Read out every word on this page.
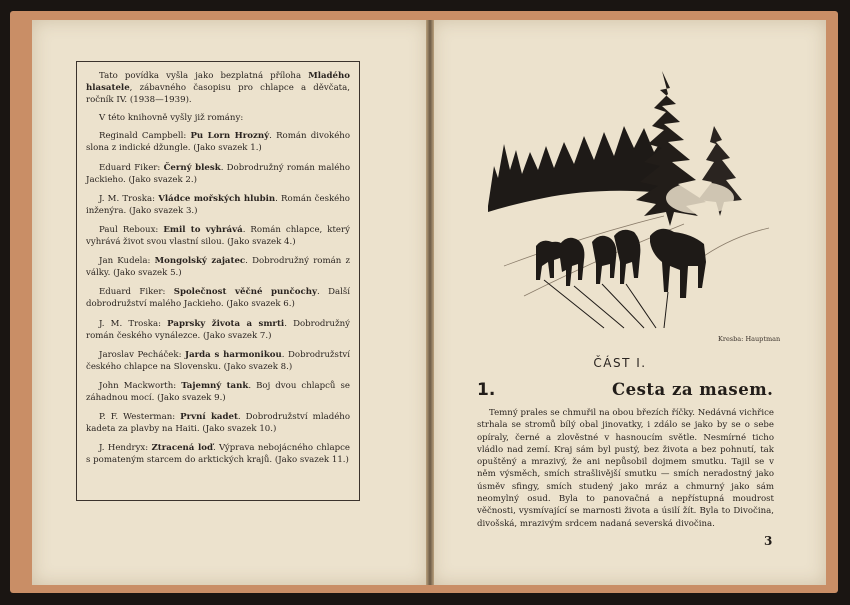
Tato povídka vyšla jako bezplatná příloha Mladého hlasatele, zábavného časopisu pro chlapce a děvčata, ročník IV. (1938—1939).

V této knihovně vyšly již romány:

Reginald Campbell: Pu Lorn Hrozný. Román divokého slona z indické džungle. (Jako svazek 1.)

Eduard Fiker: Černý blesk. Dobrodružný román malého Jackieho. (Jako svazek 2.)

J. M. Troska: Vládce mořských hlubin. Román českého inženýra. (Jako svazek 3.)

Paul Reboux: Emil to vyhrává. Román chlapce, který vyhrává život svou vlastní silou. (Jako svazek 4.)

Jan Kudela: Mongolský zajatec. Dobrodružný román z války. (Jako svazek 5.)

Eduard Fiker: Společnost věčné punčochy. Další dobrodružství malého Jackieho. (Jako svazek 6.)

J. M. Troska: Paprsky života a smrti. Dobrodružný román českého vynálezce. (Jako svazek 7.)

Jaroslav Pecháček: Jarda s harmonikou. Dobrodružství českého chlapce na Slovensku. (Jako svazek 8.)

John Mackworth: Tajemný tank. Boj dvou chlapců se záhadnou mocí. (Jako svazek 9.)

P. F. Westerman: První kadet. Dobrodružství mladého kadeta za plavby na Haiti. (Jako svazek 10.)

J. Hendryx: Ztracená loď. Výprava nebojácného chlapce s pomateným starcem do arktických krajů. (Jako svazek 11.)

Kresba: Hauptman
ČÁST I.
1.	Cesta za masem.

Temný prales se chmuřil na obou březích říčky. Nedávná vichřice strhala se stromů bílý obal jinovatky, i zdálo se jako by se o sebe opíraly, černé a zlověstné v hasnoucím světle. Nesmírné ticho vládlo nad zemí. Kraj sám byl pustý, bez života a bez pohnutí, tak opuštěný a mrazivý, že ani nepůsobil dojmem smutku. Tajil se v něm výsměch, smích strašlivější smutku — smích neradostný jako úsměv sfingy, smích studený jako mráz a chmurný jako sám neomylný osud. Byla to panovačná a nepřístupná moudrost věčnosti, vysmívající se marnosti života a úsilí žít. Byla to Divočina, divošská, mrazivým srdcem nadaná severská divočina.

3
